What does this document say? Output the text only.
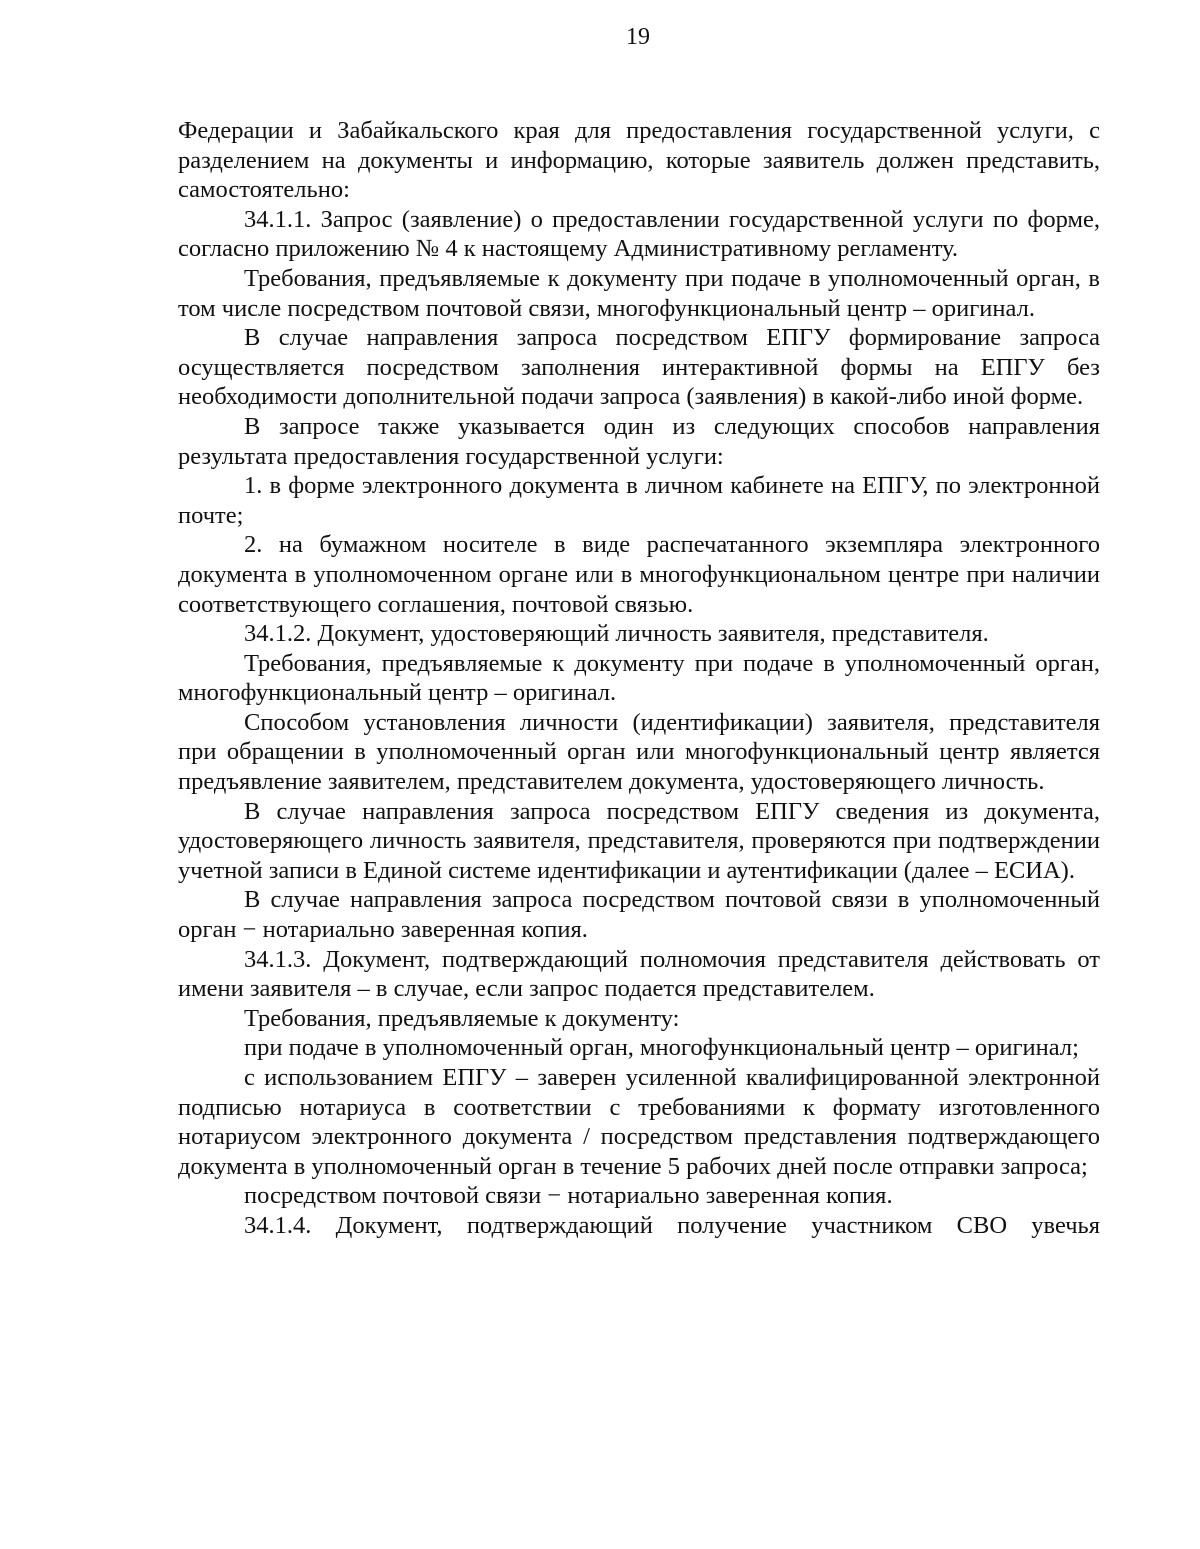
19

Федерации и Забайкальского края для предоставления государственной услуги, с разделением на документы и информацию, которые заявитель должен представить, самостоятельно:

34.1.1. Запрос (заявление) о предоставлении государственной услуги по форме, согласно приложению № 4 к настоящему Административному регламенту.

Требования, предъявляемые к документу при подаче в уполномоченный орган, в том числе посредством почтовой связи, многофункциональный центр – оригинал.

В случае направления запроса посредством ЕПГУ формирование запроса осуществляется посредством заполнения интерактивной формы на ЕПГУ без необходимости дополнительной подачи запроса (заявления) в какой-либо иной форме.

В запросе также указывается один из следующих способов направления результата предоставления государственной услуги:

1. в форме электронного документа в личном кабинете на ЕПГУ, по электронной почте;

2. на бумажном носителе в виде распечатанного экземпляра электронного документа в уполномоченном органе или в многофункциональном центре при наличии соответствующего соглашения, почтовой связью.

34.1.2. Документ, удостоверяющий личность заявителя, представителя.

Требования, предъявляемые к документу при подаче в уполномоченный орган, многофункциональный центр – оригинал.

Способом установления личности (идентификации) заявителя, представителя при обращении в уполномоченный орган или многофункциональный центр является предъявление заявителем, представителем документа, удостоверяющего личность.

В случае направления запроса посредством ЕПГУ сведения из документа, удостоверяющего личность заявителя, представителя, проверяются при подтверждении учетной записи в Единой системе идентификации и аутентификации (далее – ЕСИА).

В случае направления запроса посредством почтовой связи в уполномоченный орган − нотариально заверенная копия.

34.1.3. Документ, подтверждающий полномочия представителя действовать от имени заявителя – в случае, если запрос подается представителем.

Требования, предъявляемые к документу:

при подаче в уполномоченный орган, многофункциональный центр – оригинал;

с использованием ЕПГУ – заверен усиленной квалифицированной электронной подписью нотариуса в соответствии с требованиями к формату изготовленного нотариусом электронного документа / посредством представления подтверждающего документа в уполномоченный орган в течение 5 рабочих дней после отправки запроса;

посредством почтовой связи − нотариально заверенная копия.

34.1.4. Документ, подтверждающий получение участником СВО увечья
